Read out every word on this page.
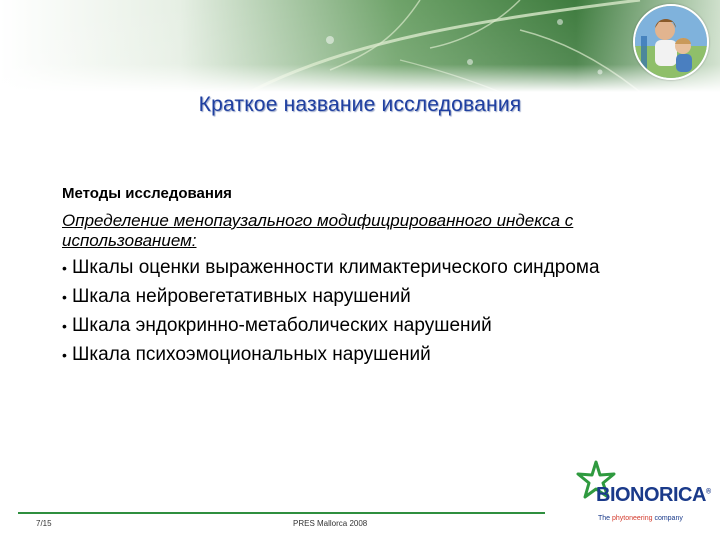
Краткое название исследования
Методы исследования
Определение менопаузального модифицрированного индекса с использованием:
• Шкалы оценки выраженности климактерического синдрома
• Шкала нейровегетативных нарушений
• Шкала эндокринно-метаболических нарушений
• Шкала психоэмоциональных нарушений
7/15	PRES Mallorca 2008
BIONORICA®
The phytoneering company
